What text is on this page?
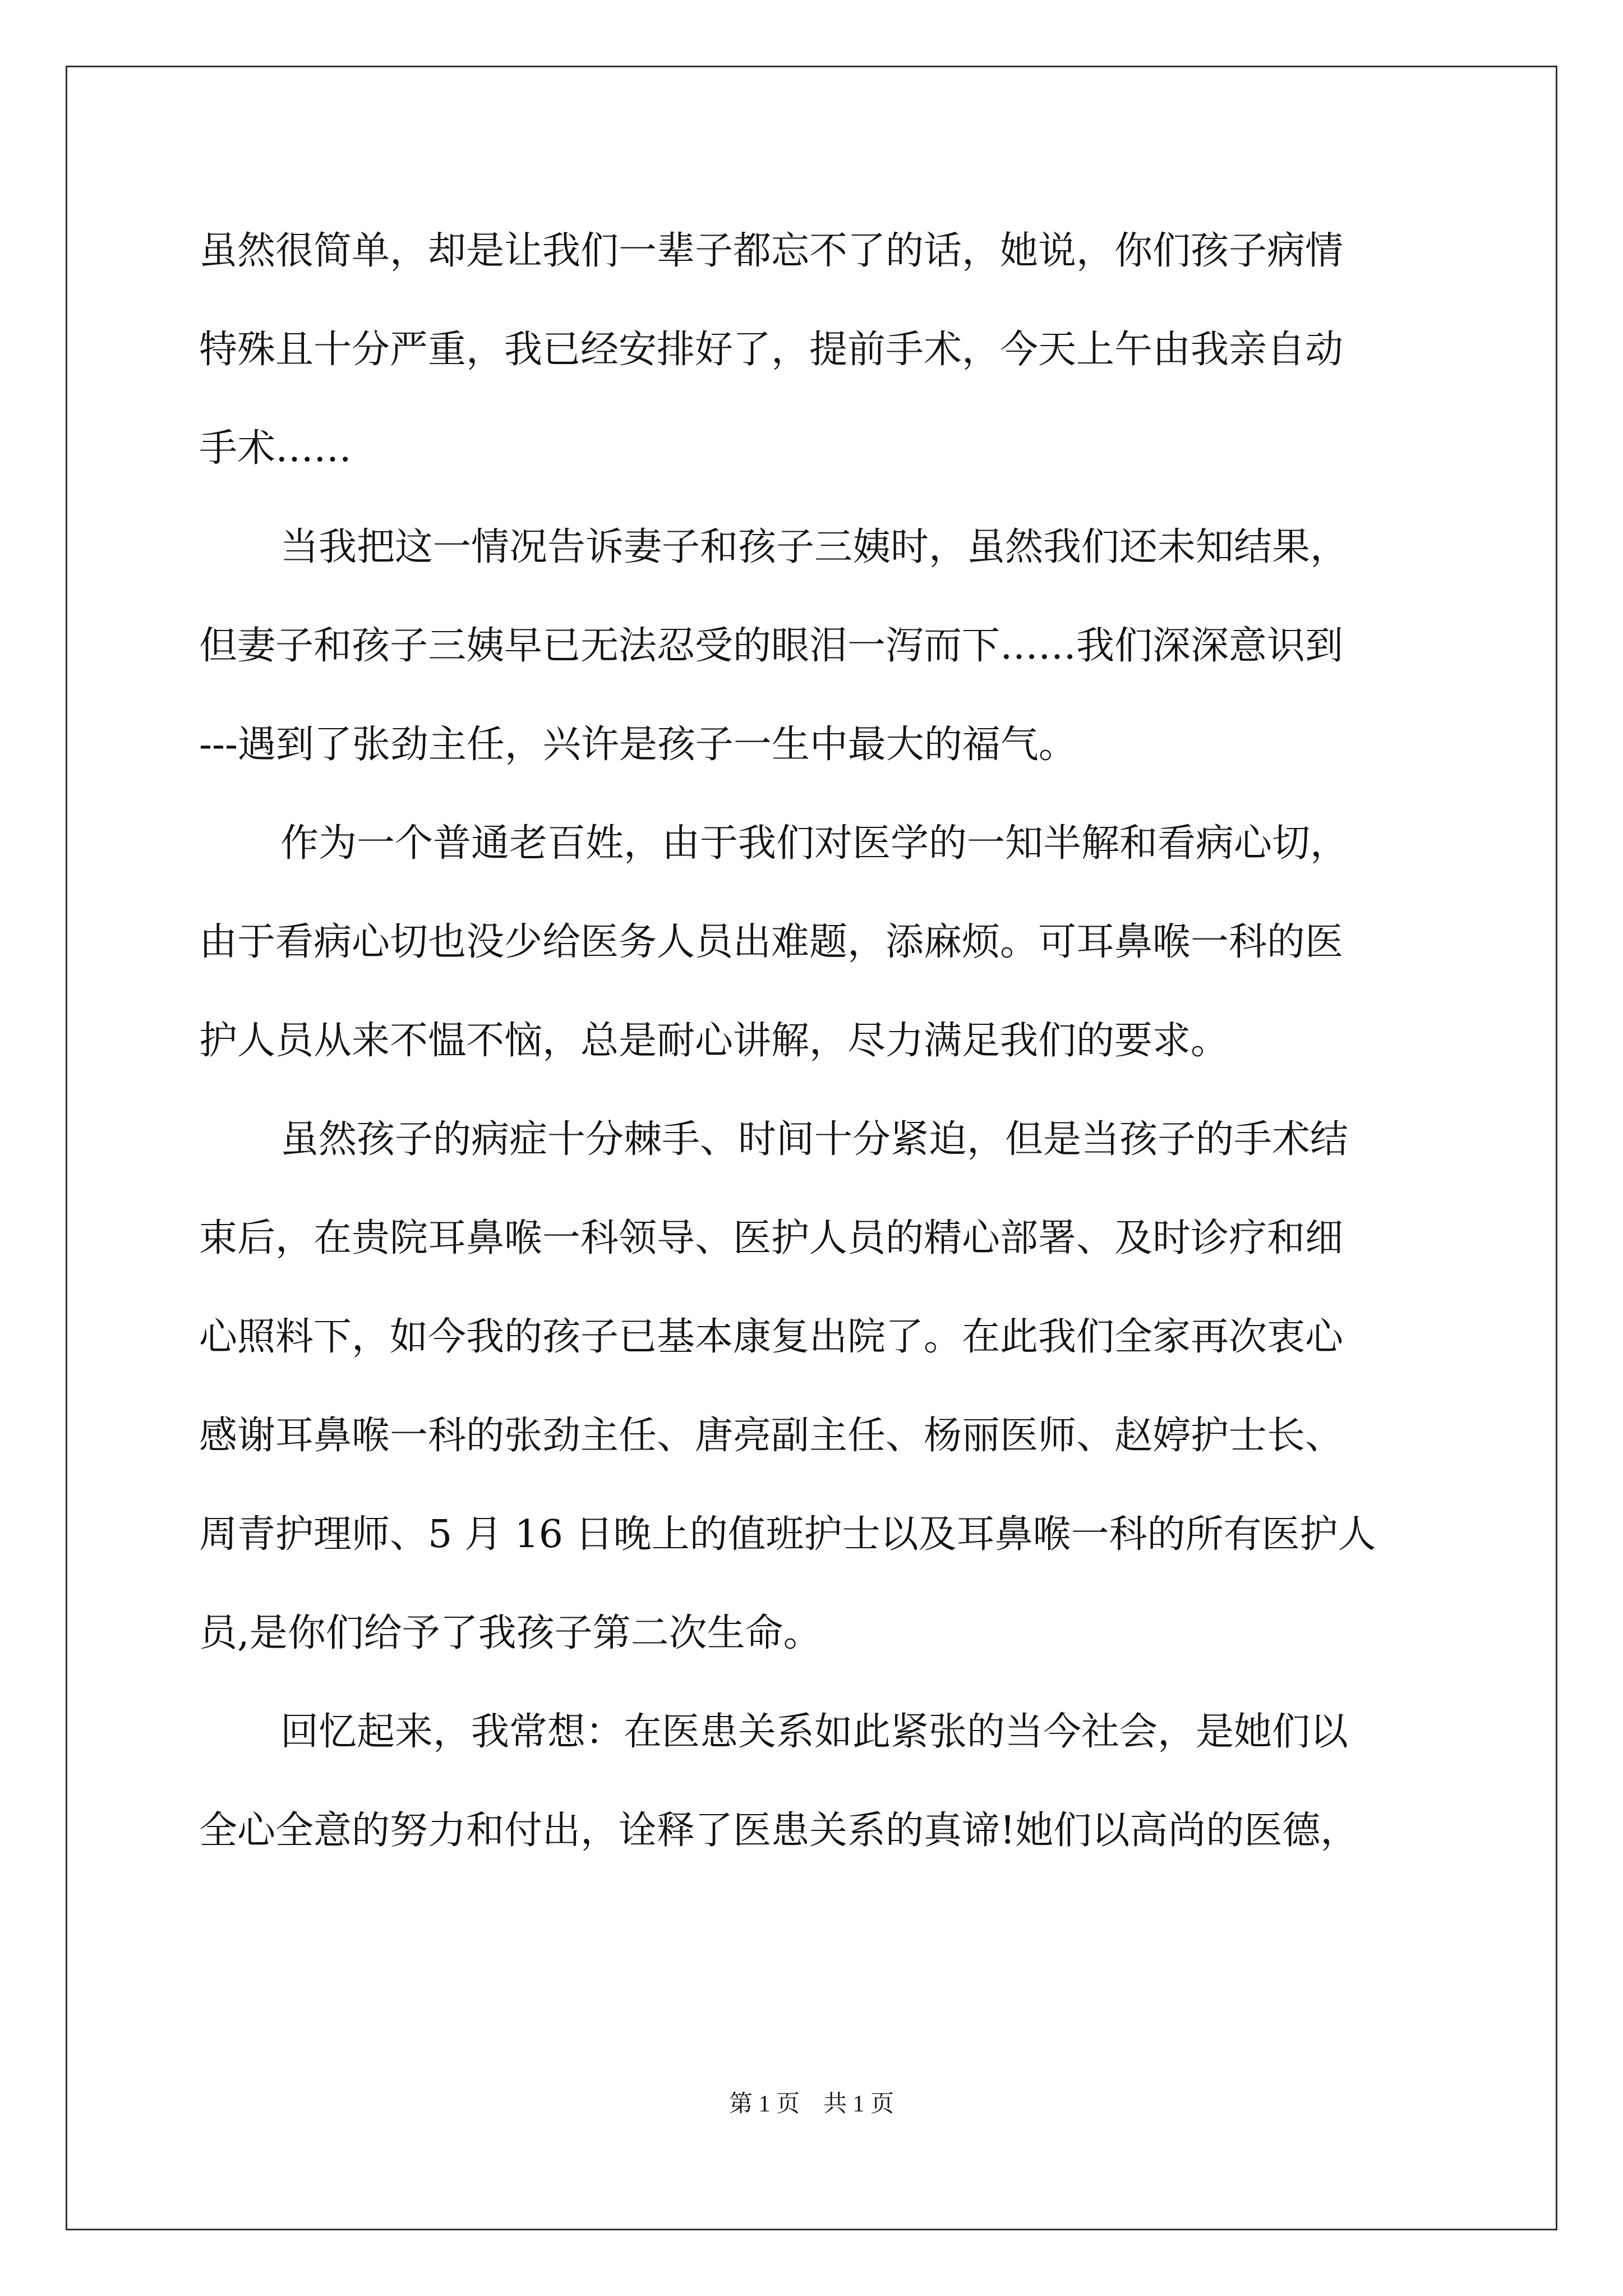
虽然很简单，却是让我们一辈子都忘不了的话，她说，你们孩子病情
特殊且十分严重，我已经安排好了，提前手术，今天上午由我亲自动
手术……
当我把这一情况告诉妻子和孩子三姨时，虽然我们还未知结果，
但妻子和孩子三姨早已无法忍受的眼泪一泻而下……我们深深意识到
---遇到了张劲主任，兴许是孩子一生中最大的福气。
作为一个普通老百姓，由于我们对医学的一知半解和看病心切，
由于看病心切也没少给医务人员出难题，添麻烦。可耳鼻喉一科的医
护人员从来不愠不恼，总是耐心讲解，尽力满足我们的要求。
虽然孩子的病症十分棘手、时间十分紧迫，但是当孩子的手术结
束后，在贵院耳鼻喉一科领导、医护人员的精心部署、及时诊疗和细
心照料下，如今我的孩子已基本康复出院了。在此我们全家再次衷心
感谢耳鼻喉一科的张劲主任、唐亮副主任、杨丽医师、赵婷护士长、
周青护理师、5 月 16 日晚上的值班护士以及耳鼻喉一科的所有医护人
员,是你们给予了我孩子第二次生命。
回忆起来，我常想：在医患关系如此紧张的当今社会，是她们以
全心全意的努力和付出，诠释了医患关系的真谛!她们以高尚的医德，
第 1 页　共 1 页
